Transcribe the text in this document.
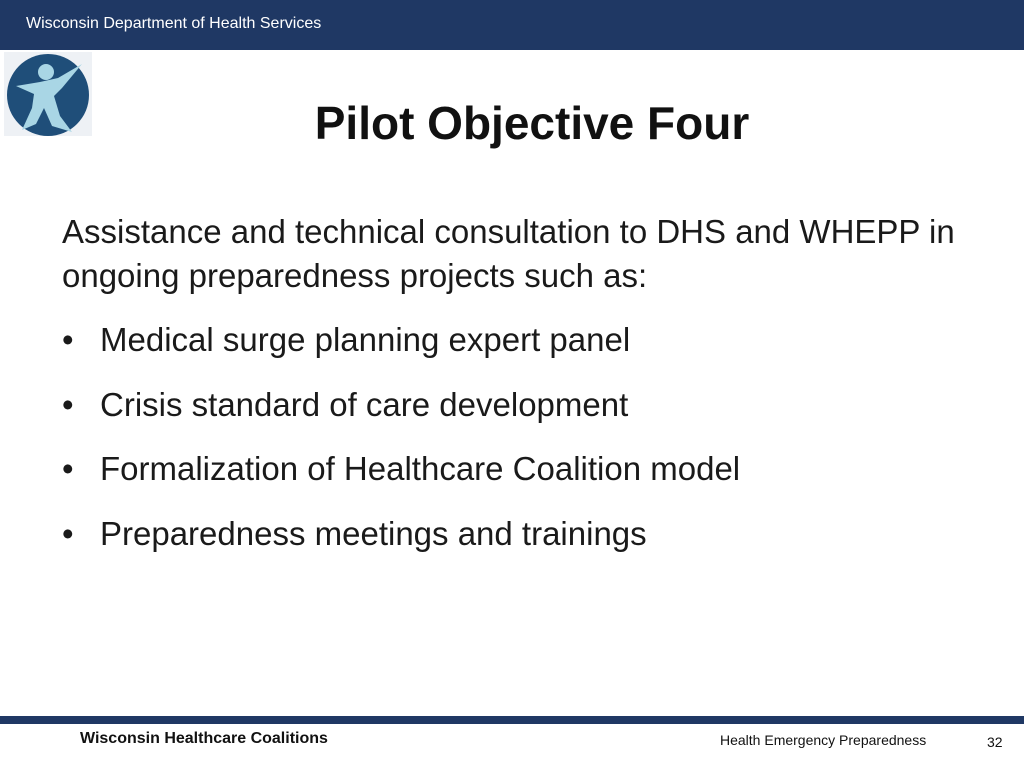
Wisconsin Department of Health Services
Pilot Objective Four
Assistance and technical consultation to DHS and WHEPP in ongoing preparedness projects such as:
• Medical surge planning expert panel
• Crisis standard of care development
• Formalization of Healthcare Coalition model
• Preparedness meetings and trainings
Wisconsin Healthcare Coalitions	Health Emergency Preparedness	32
